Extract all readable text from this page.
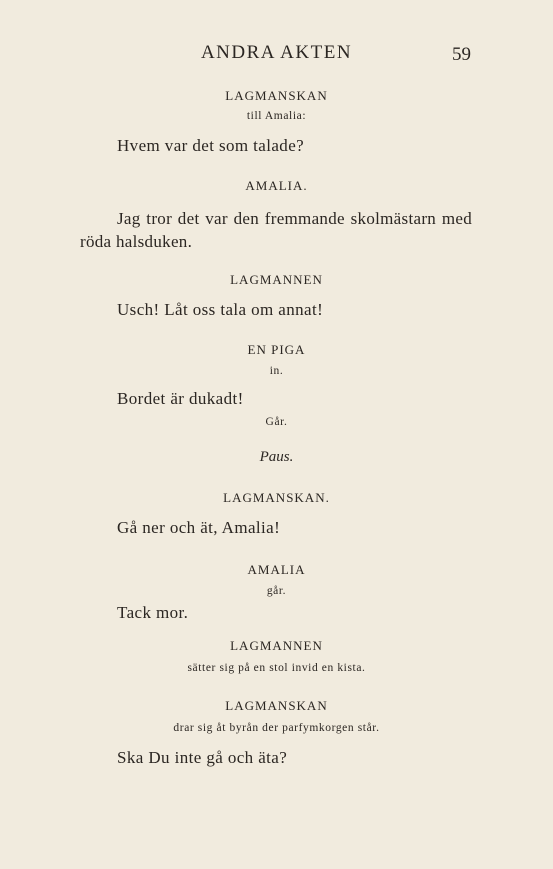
ANDRA AKTEN	59
LAGMANSKAN
till Amalia:
Hvem var det som talade?
AMALIA.
Jag tror det var den fremmande skolmästarn med röda halsduken.
LAGMANNEN
Usch! Låt oss tala om annat!
EN PIGA
in.
Bordet är dukadt!
Går.
Paus.
LAGMANSKAN.
Gå ner och ät, Amalia!
AMALIA
går.
Tack mor.
LAGMANNEN
sätter sig på en stol invid en kista.
LAGMANSKAN
drar sig åt byrån der parfymkorgen står.
Ska Du inte gå och äta?
